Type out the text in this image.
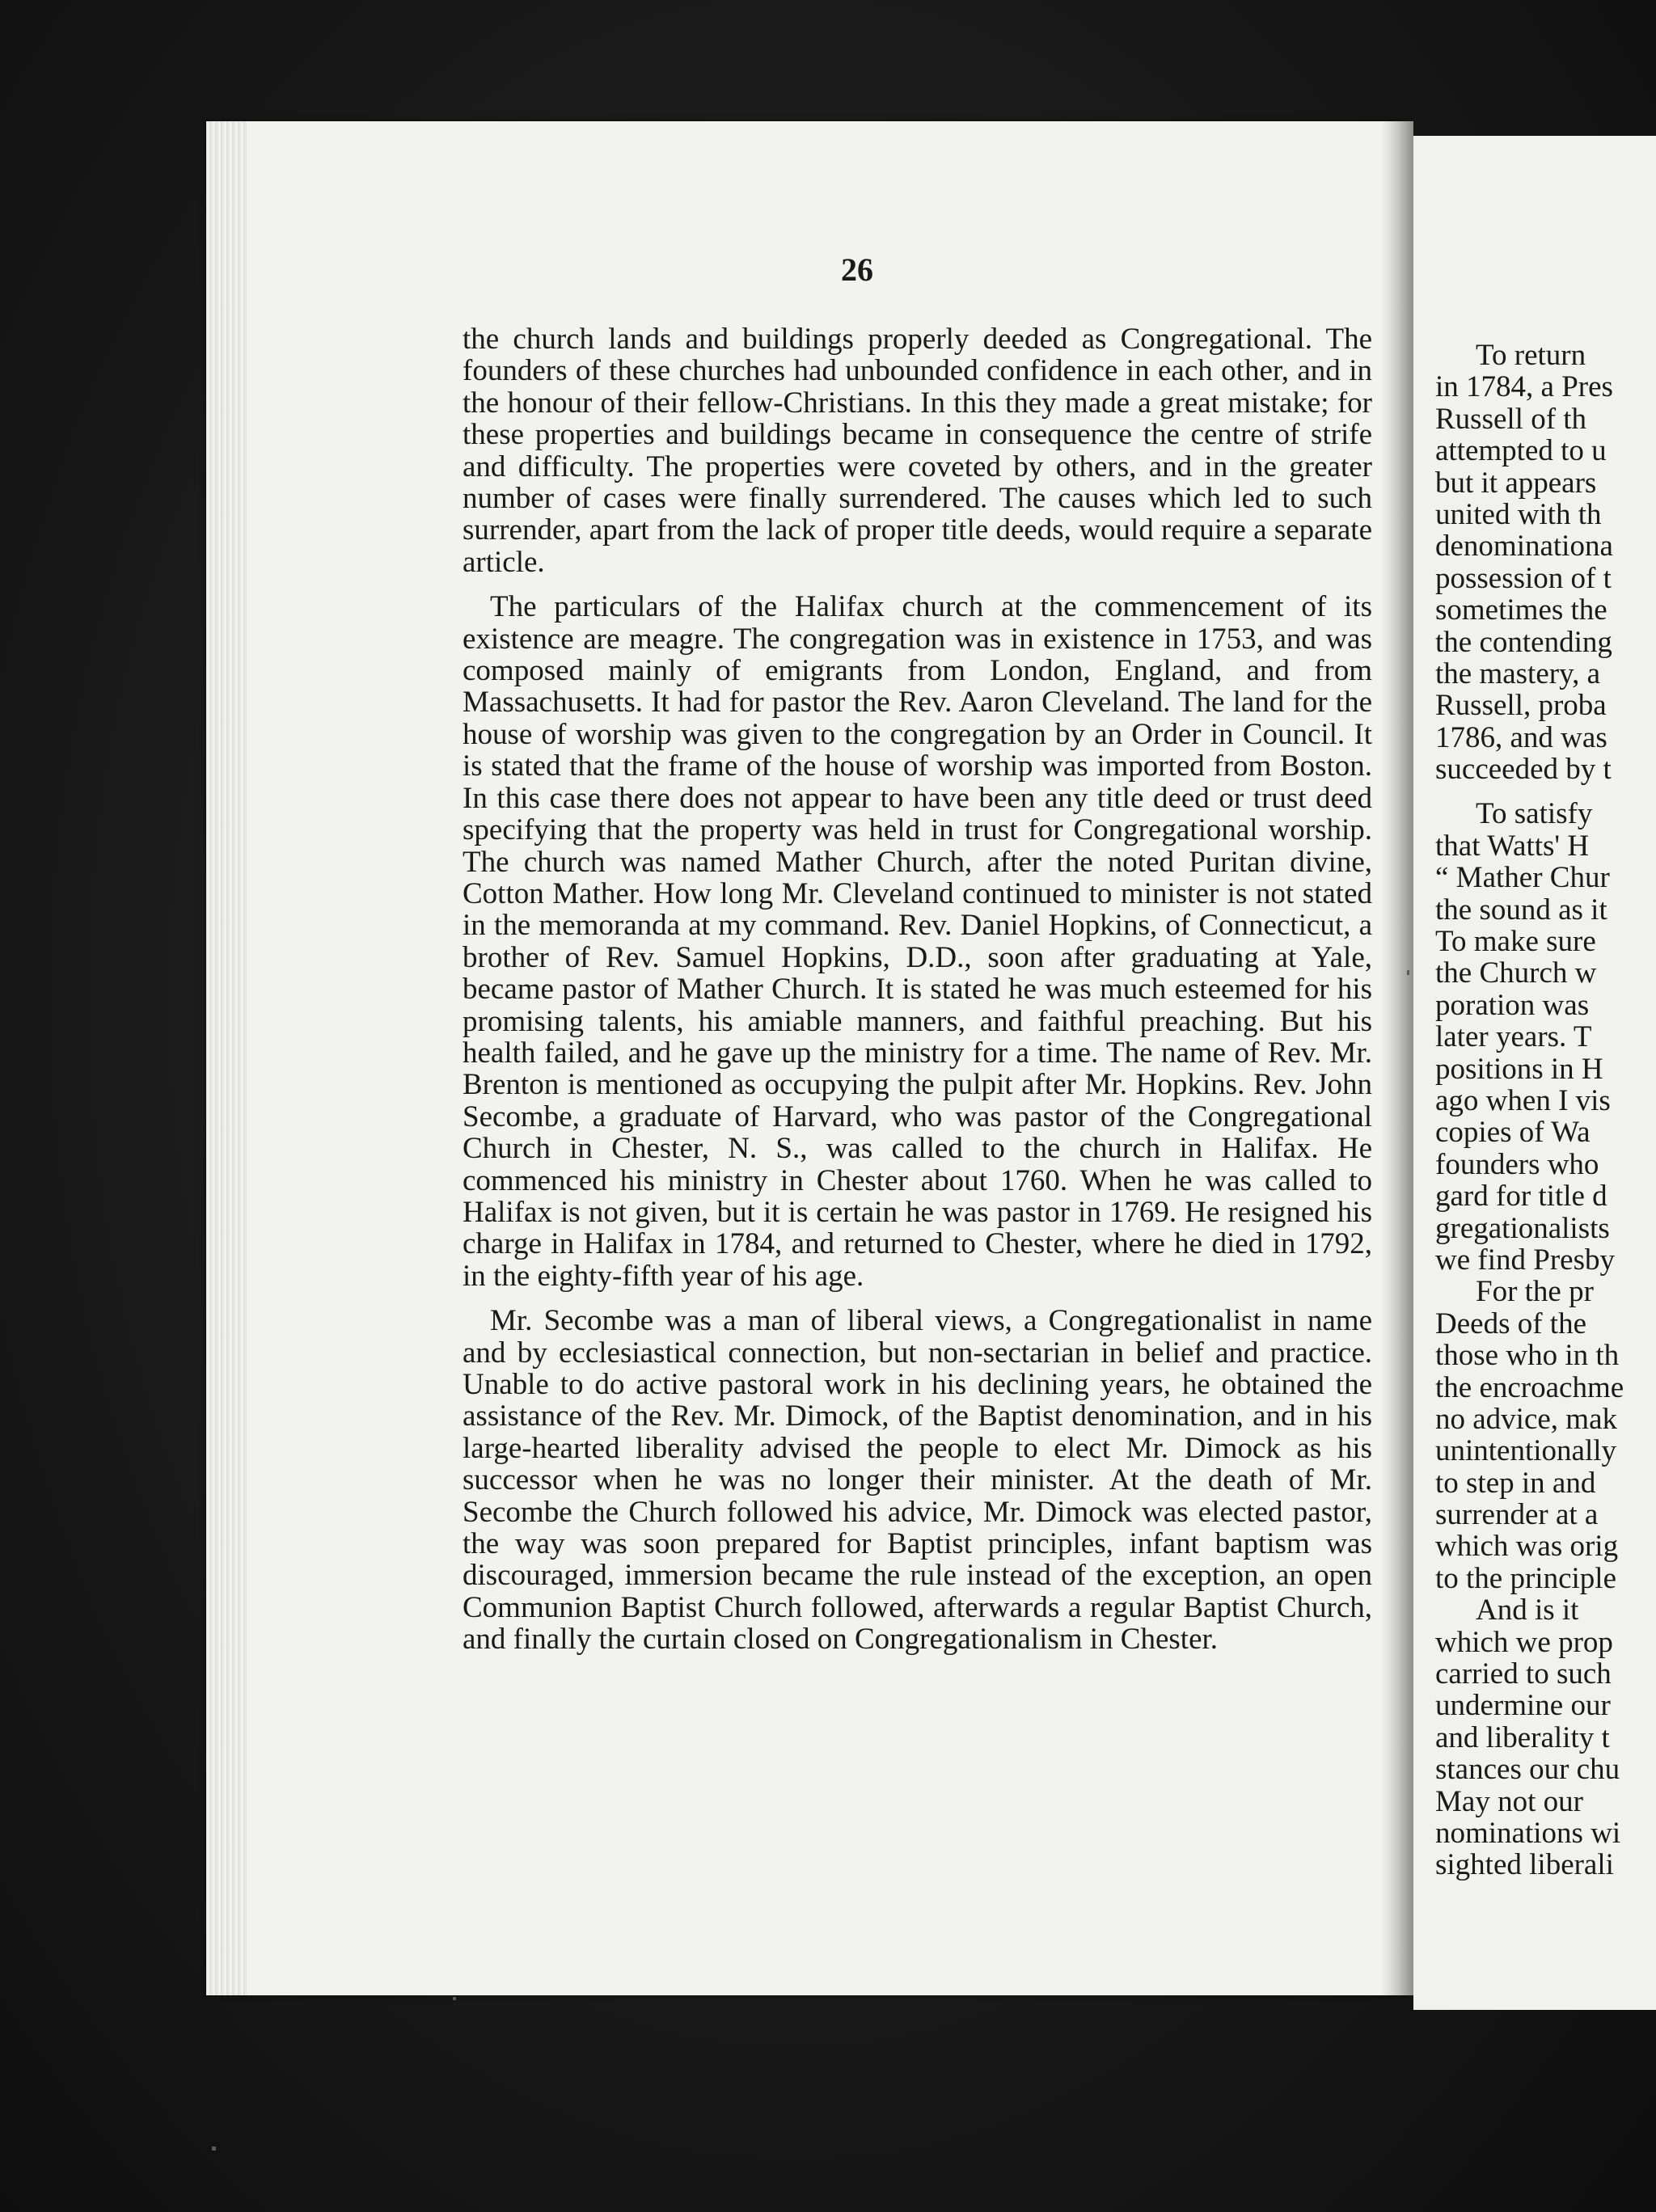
26

the church lands and buildings properly deeded as Congregational. The founders of these churches had unbounded confidence in each other, and in the honour of their fellow-Christians. In this they made a great mistake; for these properties and buildings became in consequence the centre of strife and difficulty. The properties were coveted by others, and in the greater number of cases were finally surrendered. The causes which led to such surrender, apart from the lack of proper title deeds, would require a separate article.

The particulars of the Halifax church at the commencement of its existence are meagre. The congregation was in existence in 1753, and was composed mainly of emigrants from London, England, and from Massachusetts. It had for pastor the Rev. Aaron Cleveland. The land for the house of worship was given to the congregation by an Order in Council. It is stated that the frame of the house of worship was imported from Boston. In this case there does not appear to have been any title deed or trust deed specifying that the property was held in trust for Congregational worship. The church was named Mather Church, after the noted Puritan divine, Cotton Mather. How long Mr. Cleveland continued to minister is not stated in the memoranda at my command. Rev. Daniel Hopkins, of Connecticut, a brother of Rev. Samuel Hopkins, D.D., soon after graduating at Yale, became pastor of Mather Church. It is stated he was much esteemed for his promising talents, his amiable manners, and faithful preaching. But his health failed, and he gave up the ministry for a time. The name of Rev. Mr. Brenton is mentioned as occupying the pulpit after Mr. Hopkins. Rev. John Secombe, a graduate of Harvard, who was pastor of the Congregational Church in Chester, N. S., was called to the church in Halifax. He commenced his ministry in Chester about 1760. When he was called to Halifax is not given, but it is certain he was pastor in 1769. He resigned his charge in Halifax in 1784, and returned to Chester, where he died in 1792, in the eighty-fifth year of his age.

Mr. Secombe was a man of liberal views, a Congregationalist in name and by ecclesiastical connection, but non-sectarian in belief and practice. Unable to do active pastoral work in his declining years, he obtained the assistance of the Rev. Mr. Dimock, of the Baptist denomination, and in his large-hearted liberality advised the people to elect Mr. Dimock as his successor when he was no longer their minister. At the death of Mr. Secombe the Church followed his advice, Mr. Dimock was elected pastor, the way was soon prepared for Baptist principles, infant baptism was discouraged, immersion became the rule instead of the exception, an open Communion Baptist Church followed, afterwards a regular Baptist Church, and finally the curtain closed on Congregationalism in Chester.

To return
in 1784, a Pres
Russell of th
attempted to u
but it appears
united with th
denominationa
possession of t
sometimes the
the contending
the mastery, a
Russell, proba
1786, and was
succeeded by t
To satisfy
that Watts' H
“ Mather Chur
the sound as it
To make sure
the Church w
poration was
later years. T
positions in H
ago when I vis
copies of Wa
founders who
gard for title d
gregationalists
we find Presby
For the pr
Deeds of the
those who in th
the encroachme
no advice, mak
unintentionally
to step in and
surrender at a
which was orig
to the principle
And is it
which we prop
carried to such
undermine our
and liberality t
stances our chu
May not our
nominations wi
sighted liberali
